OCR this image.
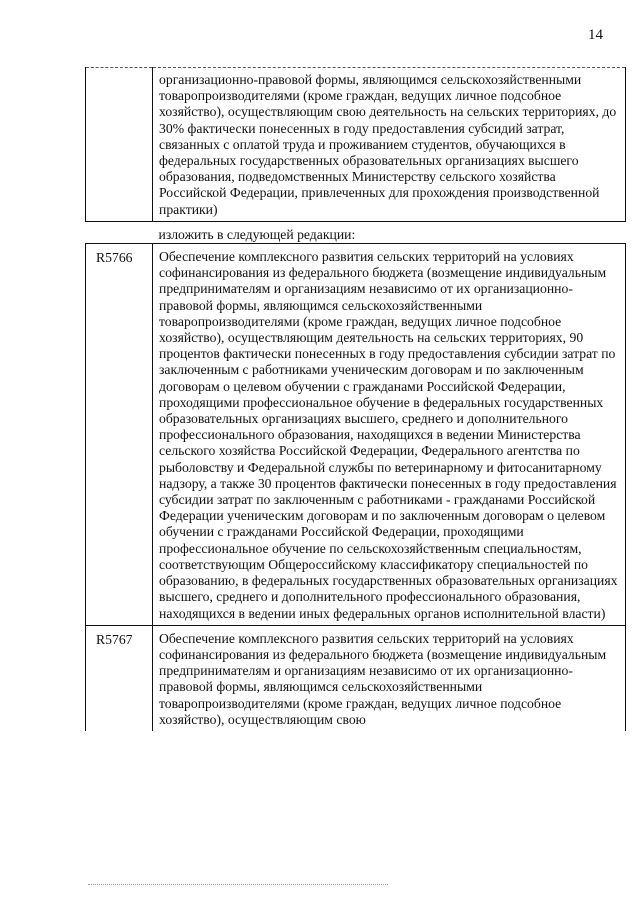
14
	организационно-правовой формы, являющимся сельскохозяйственными товаропроизводителями (кроме граждан, ведущих личное подсобное хозяйство), осуществляющим свою деятельность на сельских территориях, до 30% фактически понесенных в году предоставления субсидий затрат, связанных с оплатой труда и проживанием студентов, обучающихся в федеральных государственных образовательных организациях высшего образования, подведомственных Министерству сельского хозяйства Российской Федерации, привлеченных для прохождения производственной практики)
	изложить в следующей редакции:
R5766	Обеспечение комплексного развития сельских территорий на условиях софинансирования из федерального бюджета (возмещение индивидуальным предпринимателям и организациям независимо от их организационно-правовой формы, являющимся сельскохозяйственными товаропроизводителями (кроме граждан, ведущих личное подсобное хозяйство), осуществляющим деятельность на сельских территориях, 90 процентов фактически понесенных в году предоставления субсидии затрат по заключенным с работниками ученическим договорам и по заключенным договорам о целевом обучении с гражданами Российской Федерации, проходящими профессиональное обучение в федеральных государственных образовательных организациях высшего, среднего и дополнительного профессионального образования, находящихся в ведении Министерства сельского хозяйства Российской Федерации, Федерального агентства по рыболовству и Федеральной службы по ветеринарному и фитосанитарному надзору, а также 30 процентов фактически понесенных в году предоставления субсидии затрат по заключенным с работниками - гражданами Российской Федерации ученическим договорам и по заключенным договорам о целевом обучении с гражданами Российской Федерации, проходящими профессиональное обучение по сельскохозяйственным специальностям, соответствующим Общероссийскому классификатору специальностей по образованию, в федеральных государственных образовательных организациях высшего, среднего и дополнительного профессионального образования, находящихся в ведении иных федеральных органов исполнительной власти)
R5767	Обеспечение комплексного развития сельских территорий на условиях софинансирования из федерального бюджета (возмещение индивидуальным предпринимателям и организациям независимо от их организационно-правовой формы, являющимся сельскохозяйственными товаропроизводителями (кроме граждан, ведущих личное подсобное хозяйство), осуществляющим свою
